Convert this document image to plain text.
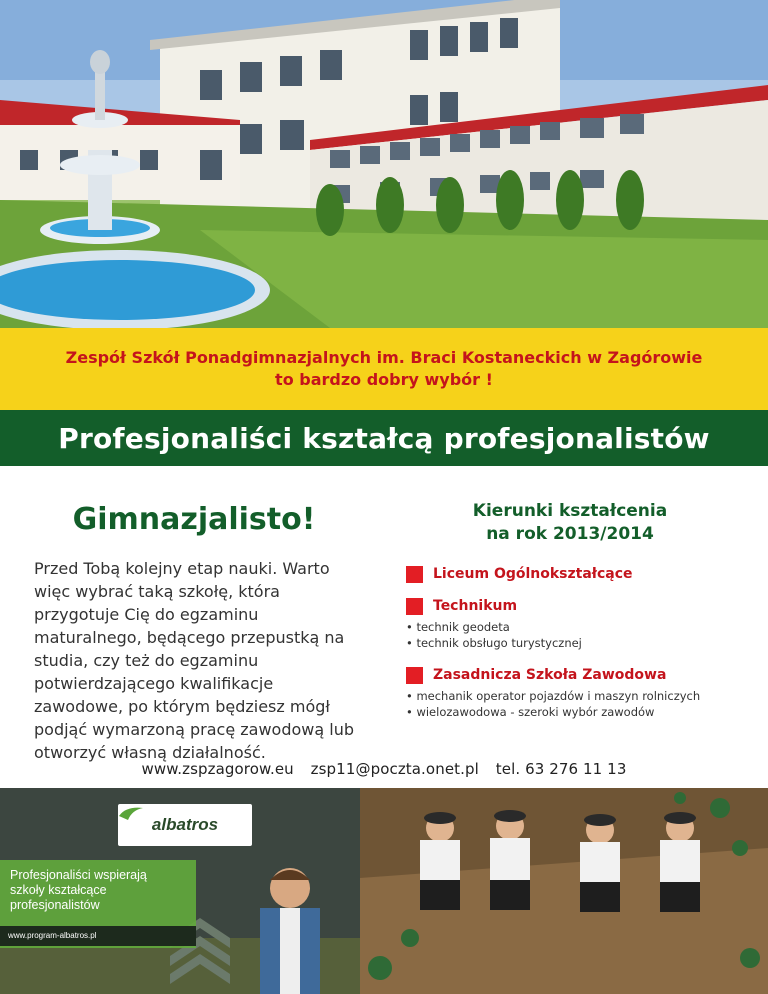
Zespół Szkół Ponadgimnazjalnych im. Braci Kostaneckich w Zagórowie
to bardzo dobry wybór !
Profesjonaliści kształcą profesjonalistów
Gimnazjalisto!

Przed Tobą kolejny etap nauki. Warto więc wybrać taką szkołę, która przygotuje Cię do egzaminu maturalnego, będącego przepustką na studia, czy też do egzaminu potwierdzającego kwalifikacje zawodowe, po którym będziesz mógł podjąć wymarzoną pracę zawodową lub otworzyć własną działalność.

Kierunki kształcenia
na rok 2013/2014
Liceum Ogólnokształcące
Technikum
• technik geodeta
• technik obsługo turystycznej
Zasadnicza Szkoła Zawodowa
• mechanik operator pojazdów i maszyn rolniczych
• wielozawodowa - szeroki wybór zawodów
www.zspzagorow.eu zsp11@poczta.onet.pl tel. 63 276 11 13
albatros
Profesjonaliści wspierają
szkoły kształcące
profesjonalistów
www.program-albatros.pl
